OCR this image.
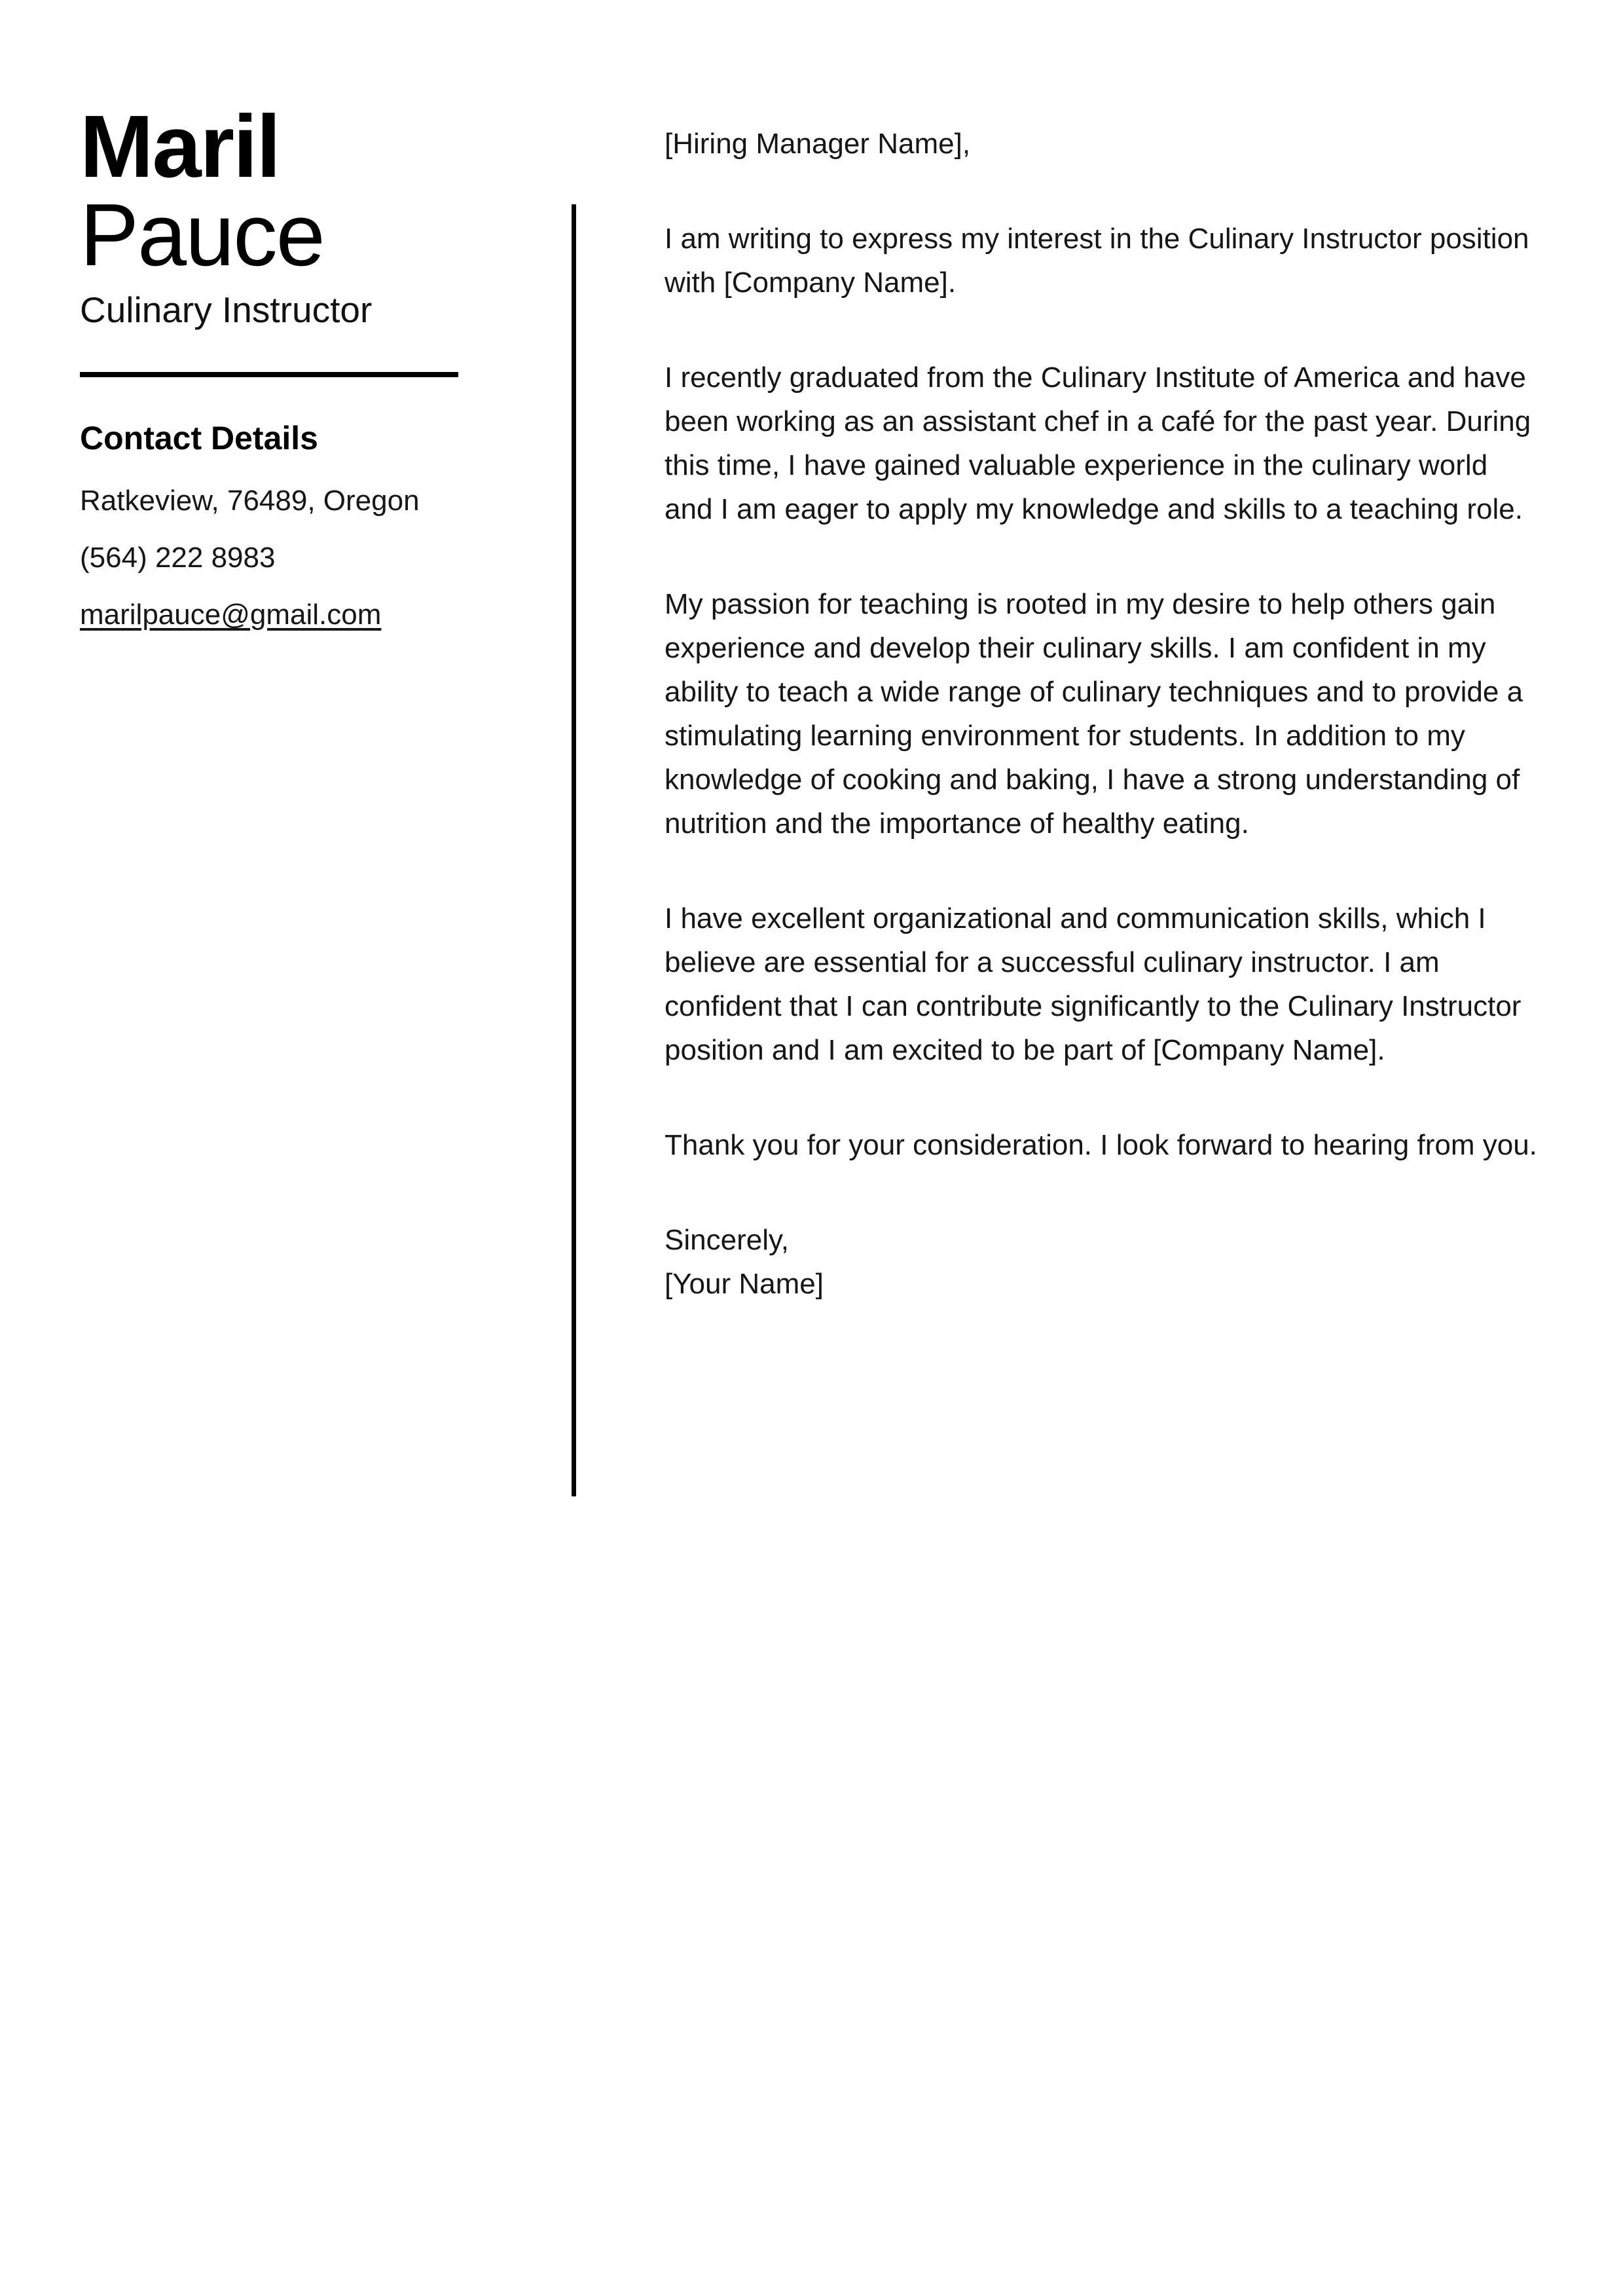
Maril
Pauce
Culinary Instructor
Contact Details

Ratkeview, 76489, Oregon

(564) 222 8983

marilpauce@gmail.com

[Hiring Manager Name],

I am writing to express my interest in the Culinary Instructor position with [Company Name].

I recently graduated from the Culinary Institute of America and have been working as an assistant chef in a café for the past year. During this time, I have gained valuable experience in the culinary world and I am eager to apply my knowledge and skills to a teaching role.

My passion for teaching is rooted in my desire to help others gain experience and develop their culinary skills. I am confident in my ability to teach a wide range of culinary techniques and to provide a stimulating learning environment for students. In addition to my knowledge of cooking and baking, I have a strong understanding of nutrition and the importance of healthy eating.

I have excellent organizational and communication skills, which I believe are essential for a successful culinary instructor. I am confident that I can contribute significantly to the Culinary Instructor position and I am excited to be part of [Company Name].

Thank you for your consideration. I look forward to hearing from you.

Sincerely,
[Your Name]
